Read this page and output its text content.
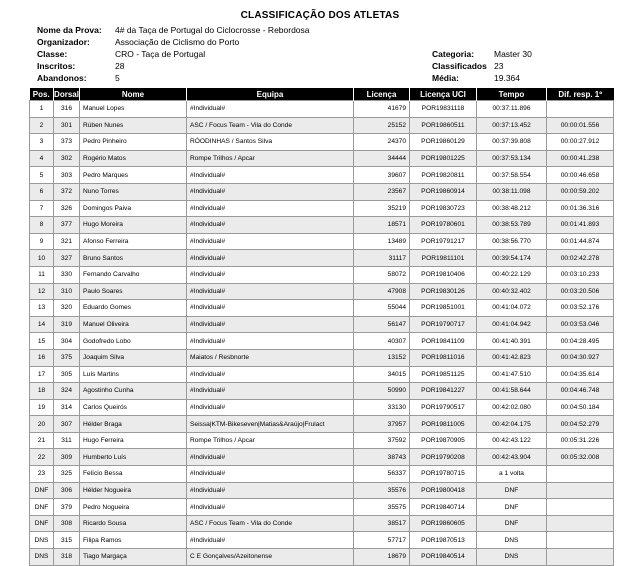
CLASSIFICAÇÃO DOS ATLETAS
Nome da Prova: 4# da Taça de Portugal do Ciclocrosse - Rebordosa
Organizador:	Associação de Ciclismo do Porto
Classe:	CRO - Taça de Portugal
Inscritos:	28
Abandonos:	5
Categoria: Master 30
Classificados 23
Média:	19.364
Pos.	Dorsal	Nome	Equipa	Licença	Licença UCI	Tempo	Dif. resp. 1º
1	316	Manuel Lopes	#Individual#	41679	POR19831118	00:37:11.896	
2	301	Rúben Nunes	ASC / Focus Team - Vila do Conde	25152	POR19860511	00:37:13.452	00:00:01.556
3	373	Pedro Pinheiro	RÓODINHAS / Santos Silva	24370	POR19860129	00:37:39.808	00:00:27.912
4	302	Rogério Matos	Rompe Trilhos / Apcar	34444	POR19801225	00:37:53.134	00:00:41.238
5	303	Pedro Marques	#Individual#	39607	POR19820811	00:37:58.554	00:00:46.658
6	372	Nuno Torres	#Individual#	23567	POR19860914	00:38:11.098	00:00:59.202
7	326	Domingos Paiva	#Individual#	35219	POR19830723	00:38:48.212	00:01:36.316
8	377	Hugo Moreira	#Individual#	18571	POR19780601	00:38:53.789	00:01:41.893
9	321	Afonso Ferreira	#Individual#	13489	POR19791217	00:38:56.770	00:01:44.874
10	327	Bruno Santos	#Individual#	31117	POR19811101	00:39:54.174	00:02:42.278
11	330	Fernando Carvalho	#Individual#	58072	POR19810406	00:40:22.129	00:03:10.233
12	310	Paulo Soares	#Individual#	47908	POR19830126	00:40:32.402	00:03:20.506
13	320	Eduardo Gomes	#Individual#	55044	POR19851001	00:41:04.072	00:03:52.176
14	319	Manuel Oliveira	#Individual#	56147	POR19790717	00:41:04.942	00:03:53.046
15	304	Godofredo Lobo	#Individual#	40307	POR19841109	00:41:40.391	00:04:28.495
16	375	Joaquim Silva	Maiatos / Resbnorte	13152	POR19811016	00:41:42.823	00:04:30.927
17	305	Luís Martins	#Individual#	34015	POR19851125	00:41:47.510	00:04:35.614
18	324	Agostinho Cunha	#Individual#	50990	POR19841227	00:41:58.644	00:04:46.748
19	314	Carlos Queirós	#Individual#	33130	POR19790517	00:42:02.080	00:04:50.184
20	307	Hélder Braga	Seissa|KTM-Bikeseven|Matias&Araújo|Frulact	37957	POR19811005	00:42:04.175	00:04:52.279
21	311	Hugo Ferreira	Rompe Trilhos / Apcar	37592	POR19870905	00:42:43.122	00:05:31.226
22	309	Humberto Luís	#Individual#	38743	POR19790208	00:42:43.904	00:05:32.008
23	325	Felício Bessa	#Individual#	56337	POR19780715	a 1 volta	
DNF	306	Hélder Nogueira	#Individual#	35576	POR19800418	DNF	
DNF	379	Pedro Nogueira	#Individual#	35575	POR19840714	DNF	
DNF	308	Ricardo Sousa	ASC / Focus Team - Vila do Conde	38517	POR19860605	DNF	
DNS	315	Filipa Ramos	#Individual#	57717	POR19870513	DNS	
DNS	318	Tiago Margaça	C E Gonçalves/Azeitonense	18679	POR19840514	DNS	
